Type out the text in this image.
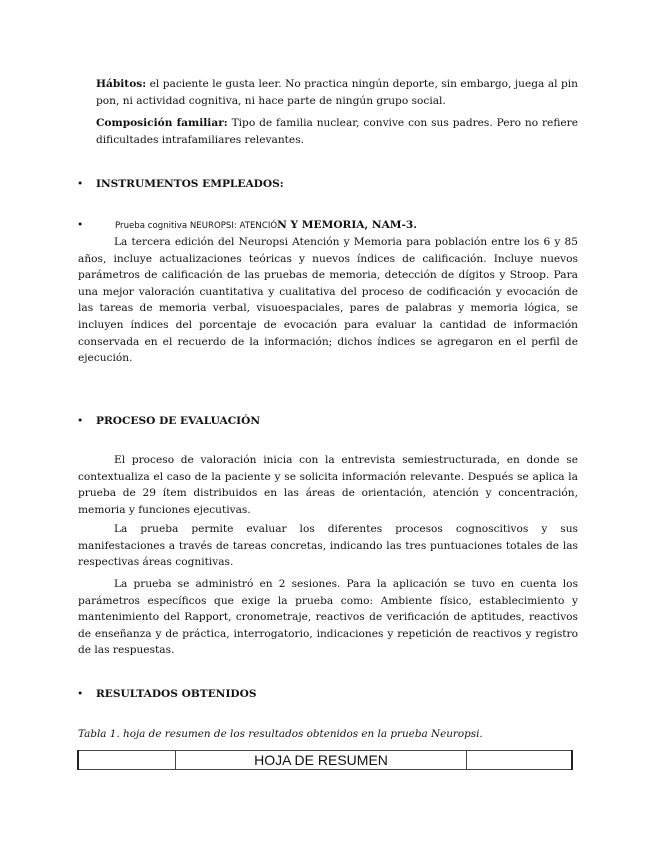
Hábitos: el paciente le gusta leer. No practica ningún deporte, sin embargo, juega al pin pon, ni actividad cognitiva, ni hace parte de ningún grupo social.

Composición familiar: Tipo de familia nuclear, convive con sus padres. Pero no refiere dificultades intrafamiliares relevantes.

• INSTRUMENTOS EMPLEADOS:
•	Prueba cognitiva NEUROPSI: ATENCIÓN Y MEMORIA, NAM-3.

La tercera edición del Neuropsi Atención y Memoria para población entre los 6 y 85 años, incluye actualizaciones teóricas y nuevos índices de calificación. Incluye nuevos parámetros de calificación de las pruebas de memoria, detección de dígitos y Stroop. Para una mejor valoración cuantitativa y cualitativa del proceso de codificación y evocación de las tareas de memoria verbal, visuoespaciales, pares de palabras y memoria lógica, se incluyen índices del porcentaje de evocación para evaluar la cantidad de información conservada en el recuerdo de la información; dichos índices se agregaron en el perfil de ejecución.

• PROCESO DE EVALUACIÓN

El proceso de valoración inicia con la entrevista semiestructurada, en donde se contextualiza el caso de la paciente y se solicita información relevante. Después se aplica la prueba de 29 ítem distribuidos en las áreas de orientación, atención y concentración, memoria y funciones ejecutivas.

La prueba permite evaluar los diferentes procesos cognoscitivos y sus manifestaciones a través de tareas concretas, indicando las tres puntuaciones totales de las respectivas áreas cognitivas.

La prueba se administró en 2 sesiones. Para la aplicación se tuvo en cuenta los parámetros específicos que exige la prueba como: Ambiente físico, establecimiento y mantenimiento del Rapport, cronometraje, reactivos de verificación de aptitudes, reactivos de enseñanza y de práctica, interrogatorio, indicaciones y repetición de reactivos y registro de las respuestas.

• RESULTADOS OBTENIDOS
Tabla 1. hoja de resumen de los resultados obtenidos en la prueba Neuropsi.
	HOJA DE RESUMEN	
